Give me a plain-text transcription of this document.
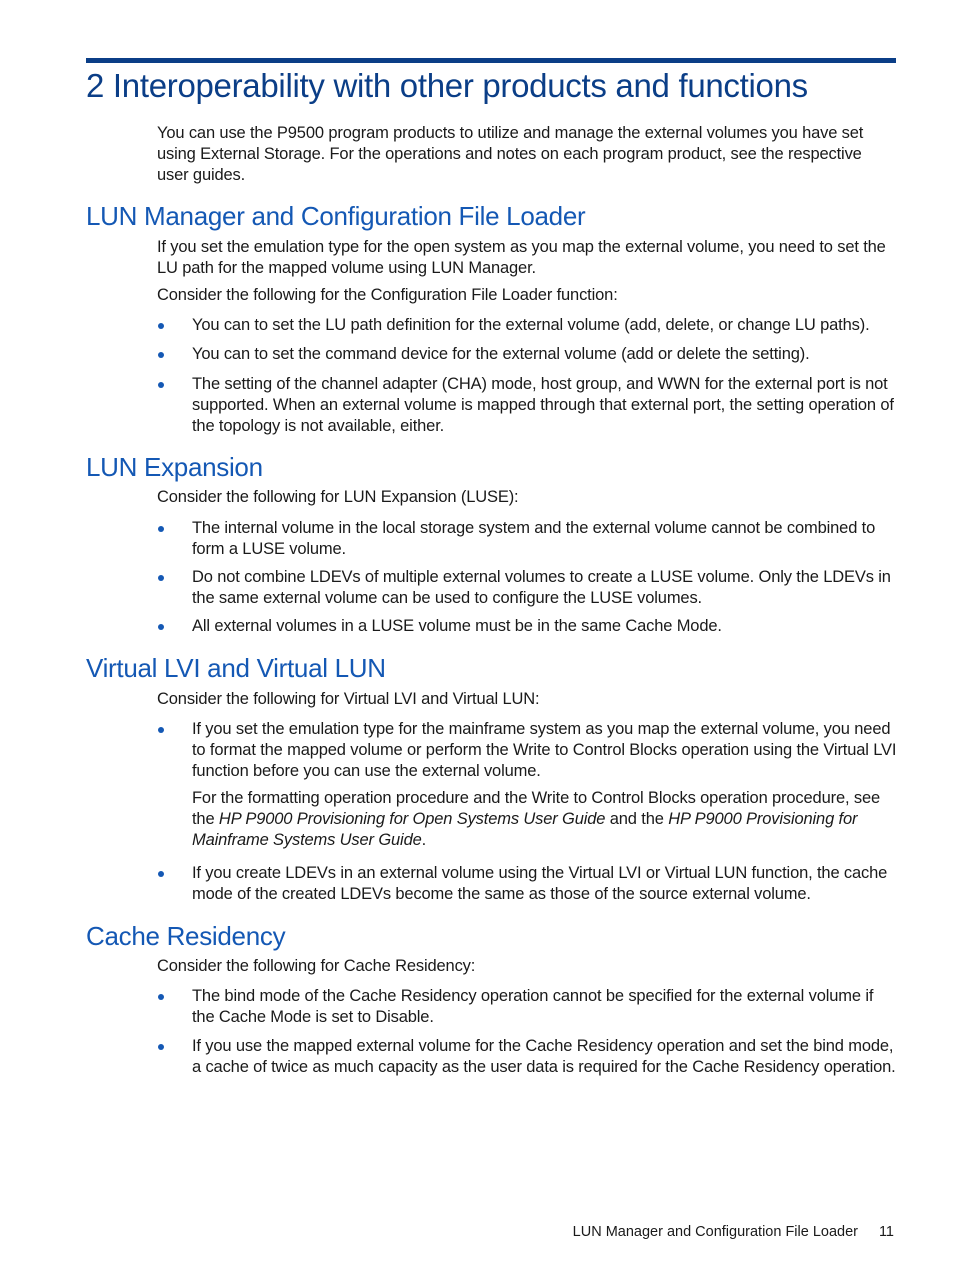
2 Interoperability with other products and functions

You can use the P9500 program products to utilize and manage the external volumes you have set using External Storage. For the operations and notes on each program product, see the respective user guides.

LUN Manager and Configuration File Loader

If you set the emulation type for the open system as you map the external volume, you need to set the LU path for the mapped volume using LUN Manager.

Consider the following for the Configuration File Loader function:

You can to set the LU path definition for the external volume (add, delete, or change LU paths).

You can to set the command device for the external volume (add or delete the setting).

The setting of the channel adapter (CHA) mode, host group, and WWN for the external port is not supported. When an external volume is mapped through that external port, the setting operation of the topology is not available, either.

LUN Expansion

Consider the following for LUN Expansion (LUSE):

The internal volume in the local storage system and the external volume cannot be combined to form a LUSE volume.

Do not combine LDEVs of multiple external volumes to create a LUSE volume. Only the LDEVs in the same external volume can be used to configure the LUSE volumes.

All external volumes in a LUSE volume must be in the same Cache Mode.

Virtual LVI and Virtual LUN

Consider the following for Virtual LVI and Virtual LUN:

If you set the emulation type for the mainframe system as you map the external volume, you need to format the mapped volume or perform the Write to Control Blocks operation using the Virtual LVI function before you can use the external volume.

For the formatting operation procedure and the Write to Control Blocks operation procedure, see the HP P9000 Provisioning for Open Systems User Guide and the HP P9000 Provisioning for Mainframe Systems User Guide.

If you create LDEVs in an external volume using the Virtual LVI or Virtual LUN function, the cache mode of the created LDEVs become the same as those of the source external volume.

Cache Residency

Consider the following for Cache Residency:

The bind mode of the Cache Residency operation cannot be specified for the external volume if the Cache Mode is set to Disable.

If you use the mapped external volume for the Cache Residency operation and set the bind mode, a cache of twice as much capacity as the user data is required for the Cache Residency operation.

LUN Manager and Configuration File Loader 11
